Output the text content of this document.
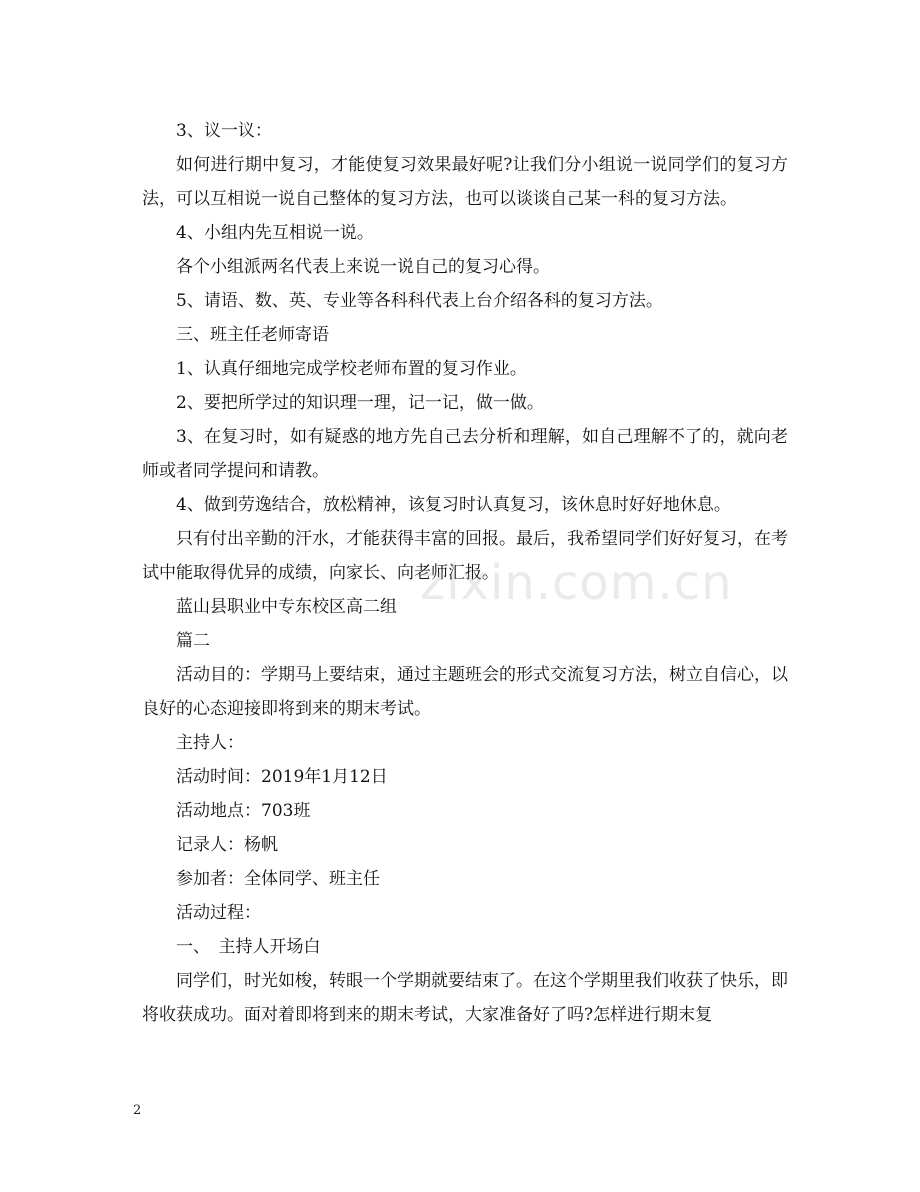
3、议一议：

如何进行期中复习，才能使复习效果最好呢?让我们分小组说一说同学们的复习方法，可以互相说一说自己整体的复习方法，也可以谈谈自己某一科的复习方法。

4、小组内先互相说一说。

各个小组派两名代表上来说一说自己的复习心得。

5、请语、数、英、专业等各科科代表上台介绍各科的复习方法。

三、班主任老师寄语

1、认真仔细地完成学校老师布置的复习作业。

2、要把所学过的知识理一理，记一记，做一做。

3、在复习时，如有疑惑的地方先自己去分析和理解，如自己理解不了的，就向老师或者同学提问和请教。

4、做到劳逸结合，放松精神，该复习时认真复习，该休息时好好地休息。

只有付出辛勤的汗水，才能获得丰富的回报。最后，我希望同学们好好复习，在考试中能取得优异的成绩，向家长、向老师汇报。

蓝山县职业中专东校区高二组

篇二

活动目的：学期马上要结束，通过主题班会的形式交流复习方法，树立自信心，以良好的心态迎接即将到来的期末考试。

主持人：

活动时间：2019年1月12日

活动地点：703班

记录人：杨帆

参加者：全体同学、班主任

活动过程：

一、　主持人开场白

同学们，时光如梭，转眼一个学期就要结束了。在这个学期里我们收获了快乐，即将收获成功。面对着即将到来的期末考试，大家准备好了吗?怎样进行期末复

zixin.com.cn
2
